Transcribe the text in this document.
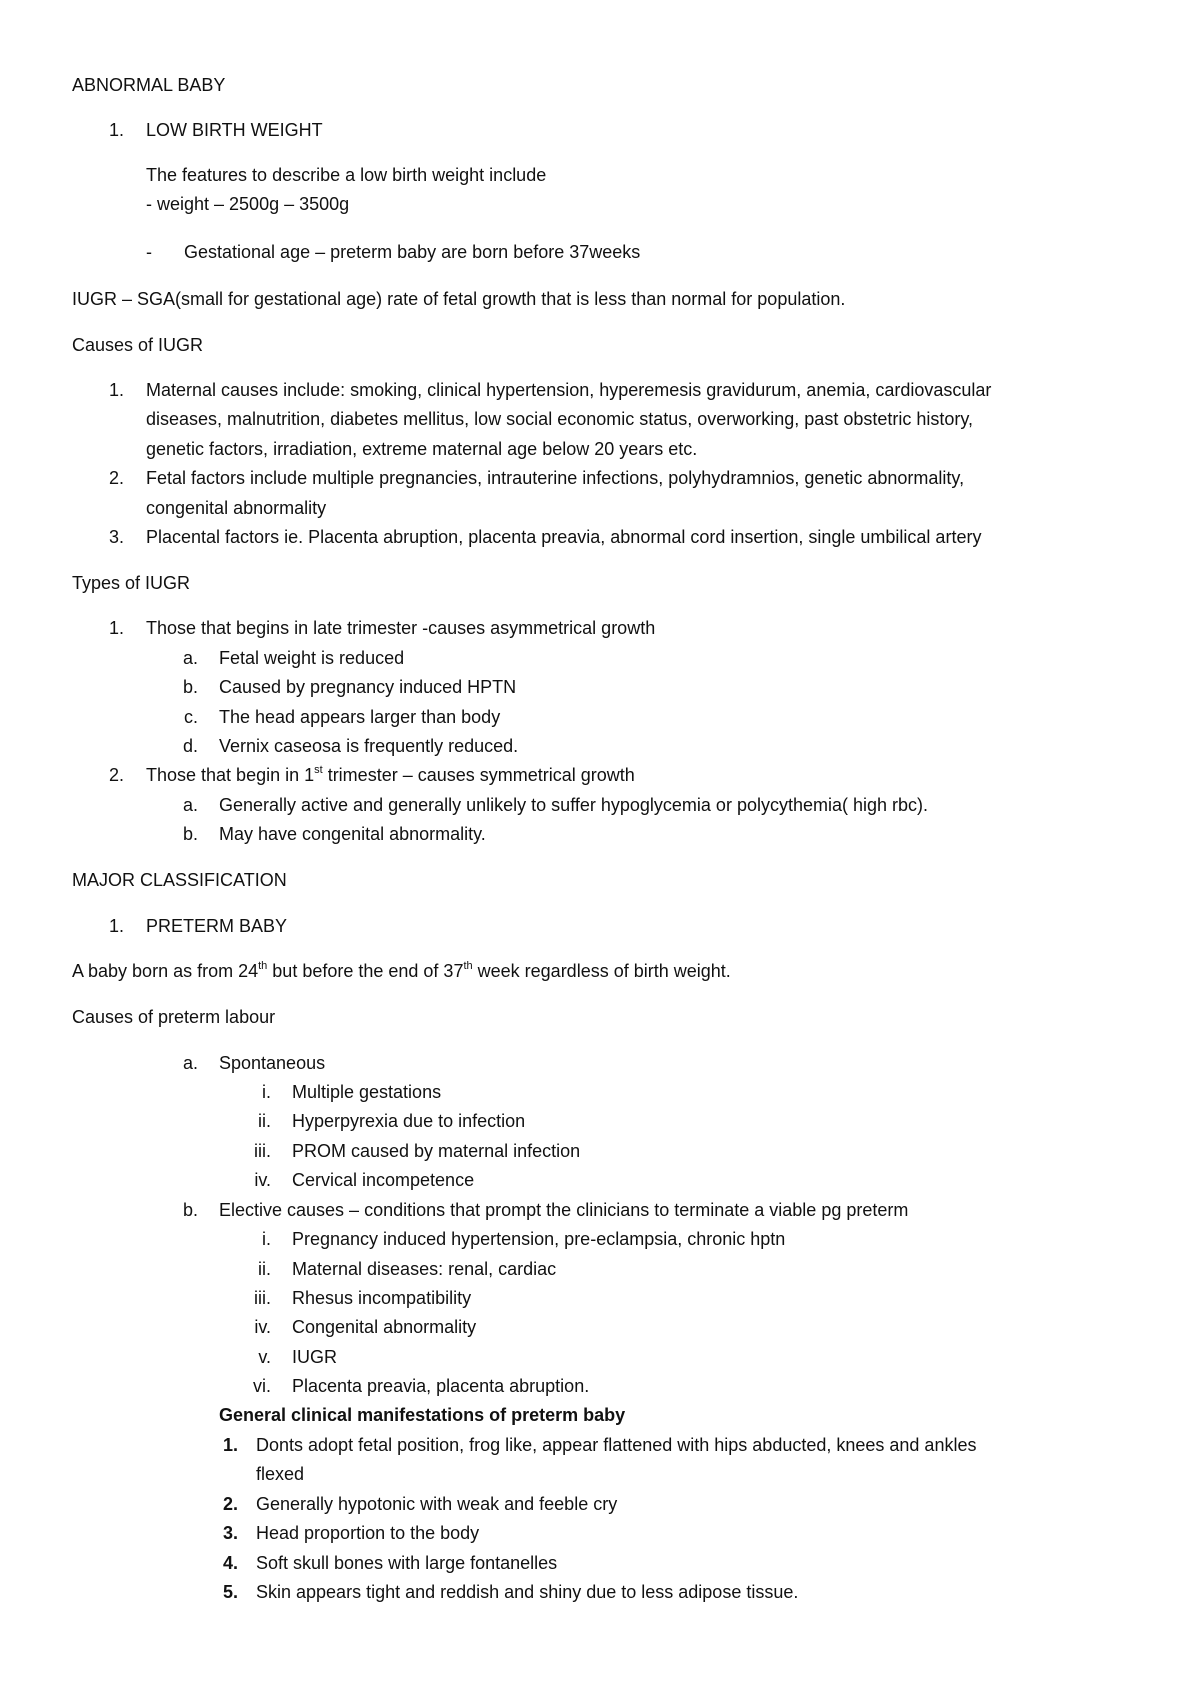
ABNORMAL BABY
1. LOW BIRTH WEIGHT
The features to describe a low birth weight include
- weight – 2500g – 3500g
- Gestational age – preterm baby are born before 37weeks
IUGR – SGA(small for gestational age) rate of fetal growth that is less than normal for population.
Causes of IUGR
1. Maternal causes include: smoking, clinical hypertension, hyperemesis gravidurum, anemia, cardiovascular
diseases, malnutrition, diabetes mellitus, low social economic status, overworking, past obstetric history,
genetic factors, irradiation, extreme maternal age below 20 years etc.
2. Fetal factors include multiple pregnancies, intrauterine infections, polyhydramnios, genetic abnormality,
congenital abnormality
3. Placental factors ie. Placenta abruption, placenta preavia, abnormal cord insertion, single umbilical artery
Types of IUGR
1. Those that begins in late trimester -causes asymmetrical growth
a. Fetal weight is reduced
b. Caused by pregnancy induced HPTN
c. The head appears larger than body
d. Vernix caseosa is frequently reduced.
2. Those that begin in 1st trimester – causes symmetrical growth
a. Generally active and generally unlikely to suffer hypoglycemia or polycythemia( high rbc).
b. May have congenital abnormality.
MAJOR CLASSIFICATION
1. PRETERM BABY
A baby born as from 24th but before the end of 37th week regardless of birth weight.
Causes of preterm labour
a. Spontaneous
i. Multiple gestations
ii. Hyperpyrexia due to infection
iii. PROM caused by maternal infection
iv. Cervical incompetence
b. Elective causes – conditions that prompt the clinicians to terminate a viable pg preterm
i. Pregnancy induced hypertension, pre-eclampsia, chronic hptn
ii. Maternal diseases: renal, cardiac
iii. Rhesus incompatibility
iv. Congenital abnormality
v. IUGR
vi. Placenta preavia, placenta abruption.
General clinical manifestations of preterm baby
1. Donts adopt fetal position, frog like, appear flattened with hips abducted, knees and ankles
flexed
2. Generally hypotonic with weak and feeble cry
3. Head proportion to the body
4. Soft skull bones with large fontanelles
5. Skin appears tight and reddish and shiny due to less adipose tissue.
